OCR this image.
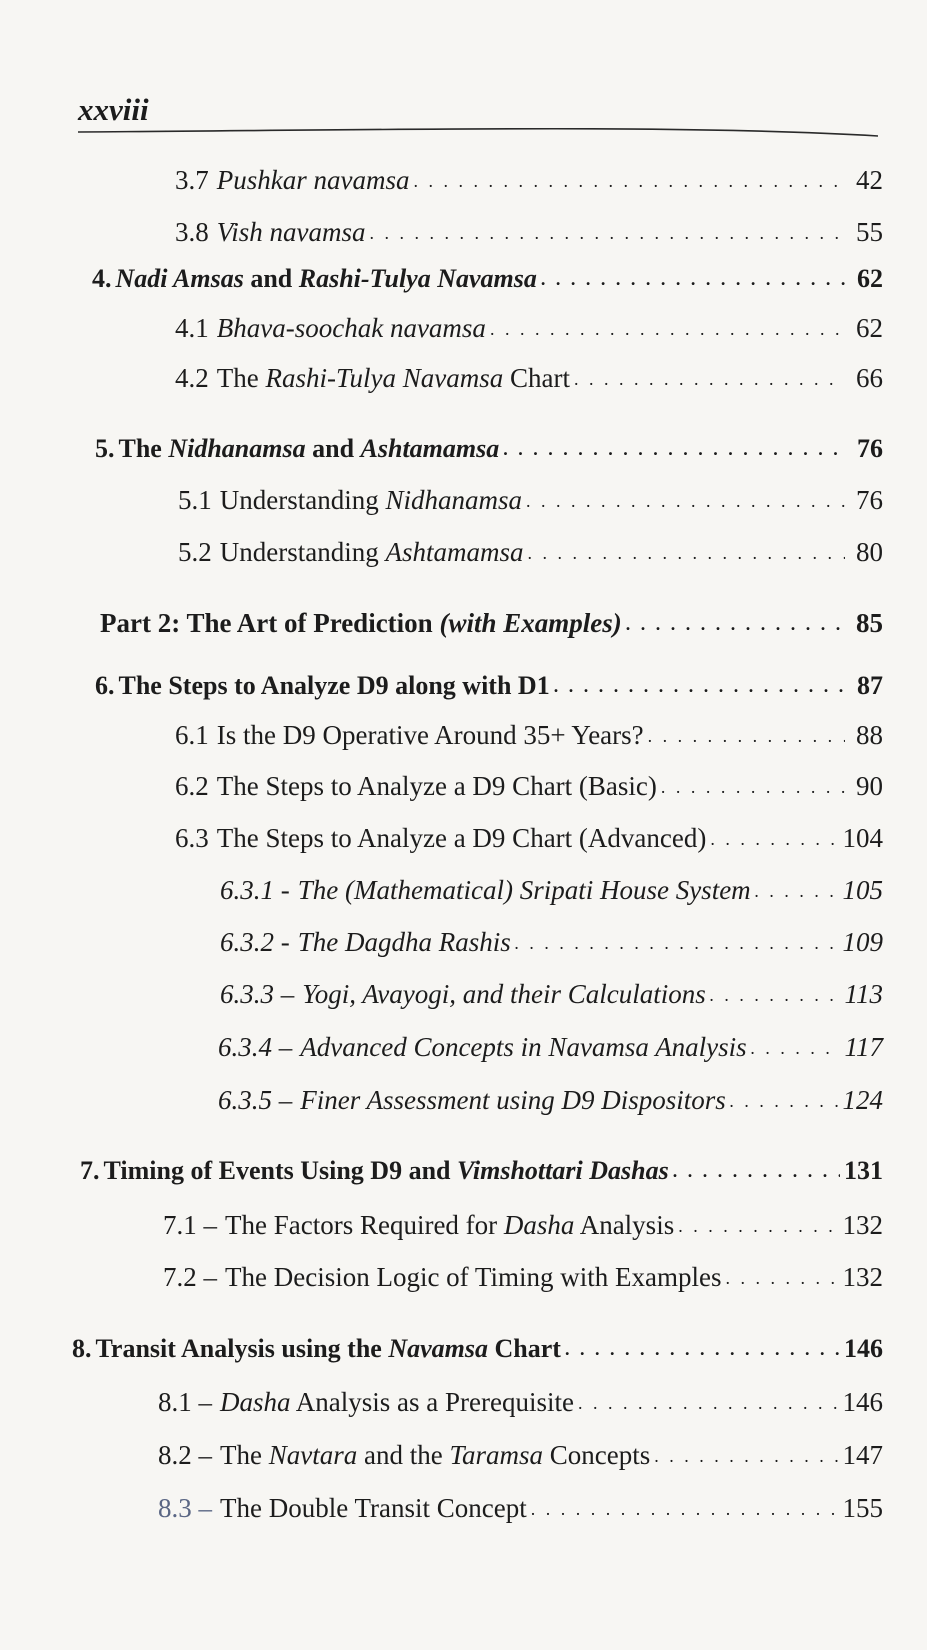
xxviii
3.7 Pushkar navamsa . . .	42
3.8 Vish navamsa . . .	55
4. Nadi Amsas and Rashi-Tulya Navamsa . . .	62
4.1 Bhava-soochak navamsa . . .	62
4.2 The Rashi-Tulya Navamsa Chart . . .	66
5. The Nidhanamsa and Ashtamamsa . . .	76
5.1 Understanding Nidhanamsa . . .	76
5.2 Understanding Ashtamamsa . . .	80
Part 2: The Art of Prediction (with Examples) . . .	85
6. The Steps to Analyze D9 along with D1 . . .	87
6.1 Is the D9 Operative Around 35+ Years? . . .	88
6.2 The Steps to Analyze a D9 Chart (Basic) . . .	90
6.3 The Steps to Analyze a D9 Chart (Advanced) . . .	104
6.3.1 - The (Mathematical) Sripati House System . . .	105
6.3.2 - The Dagdha Rashis . . .	109
6.3.3 – Yogi, Avayogi, and their Calculations . . .	113
6.3.4 – Advanced Concepts in Navamsa Analysis . . .	117
6.3.5 – Finer Assessment using D9 Dispositors . . .	124
7. Timing of Events Using D9 and Vimshottari Dashas . . .	131
7.1 – The Factors Required for Dasha Analysis . . .	132
7.2 – The Decision Logic of Timing with Examples . . .	132
8. Transit Analysis using the Navamsa Chart . . .	146
8.1 – Dasha Analysis as a Prerequisite . . .	146
8.2 – The Navtara and the Taramsa Concepts . . .	147
8.3 – The Double Transit Concept . . .	155
